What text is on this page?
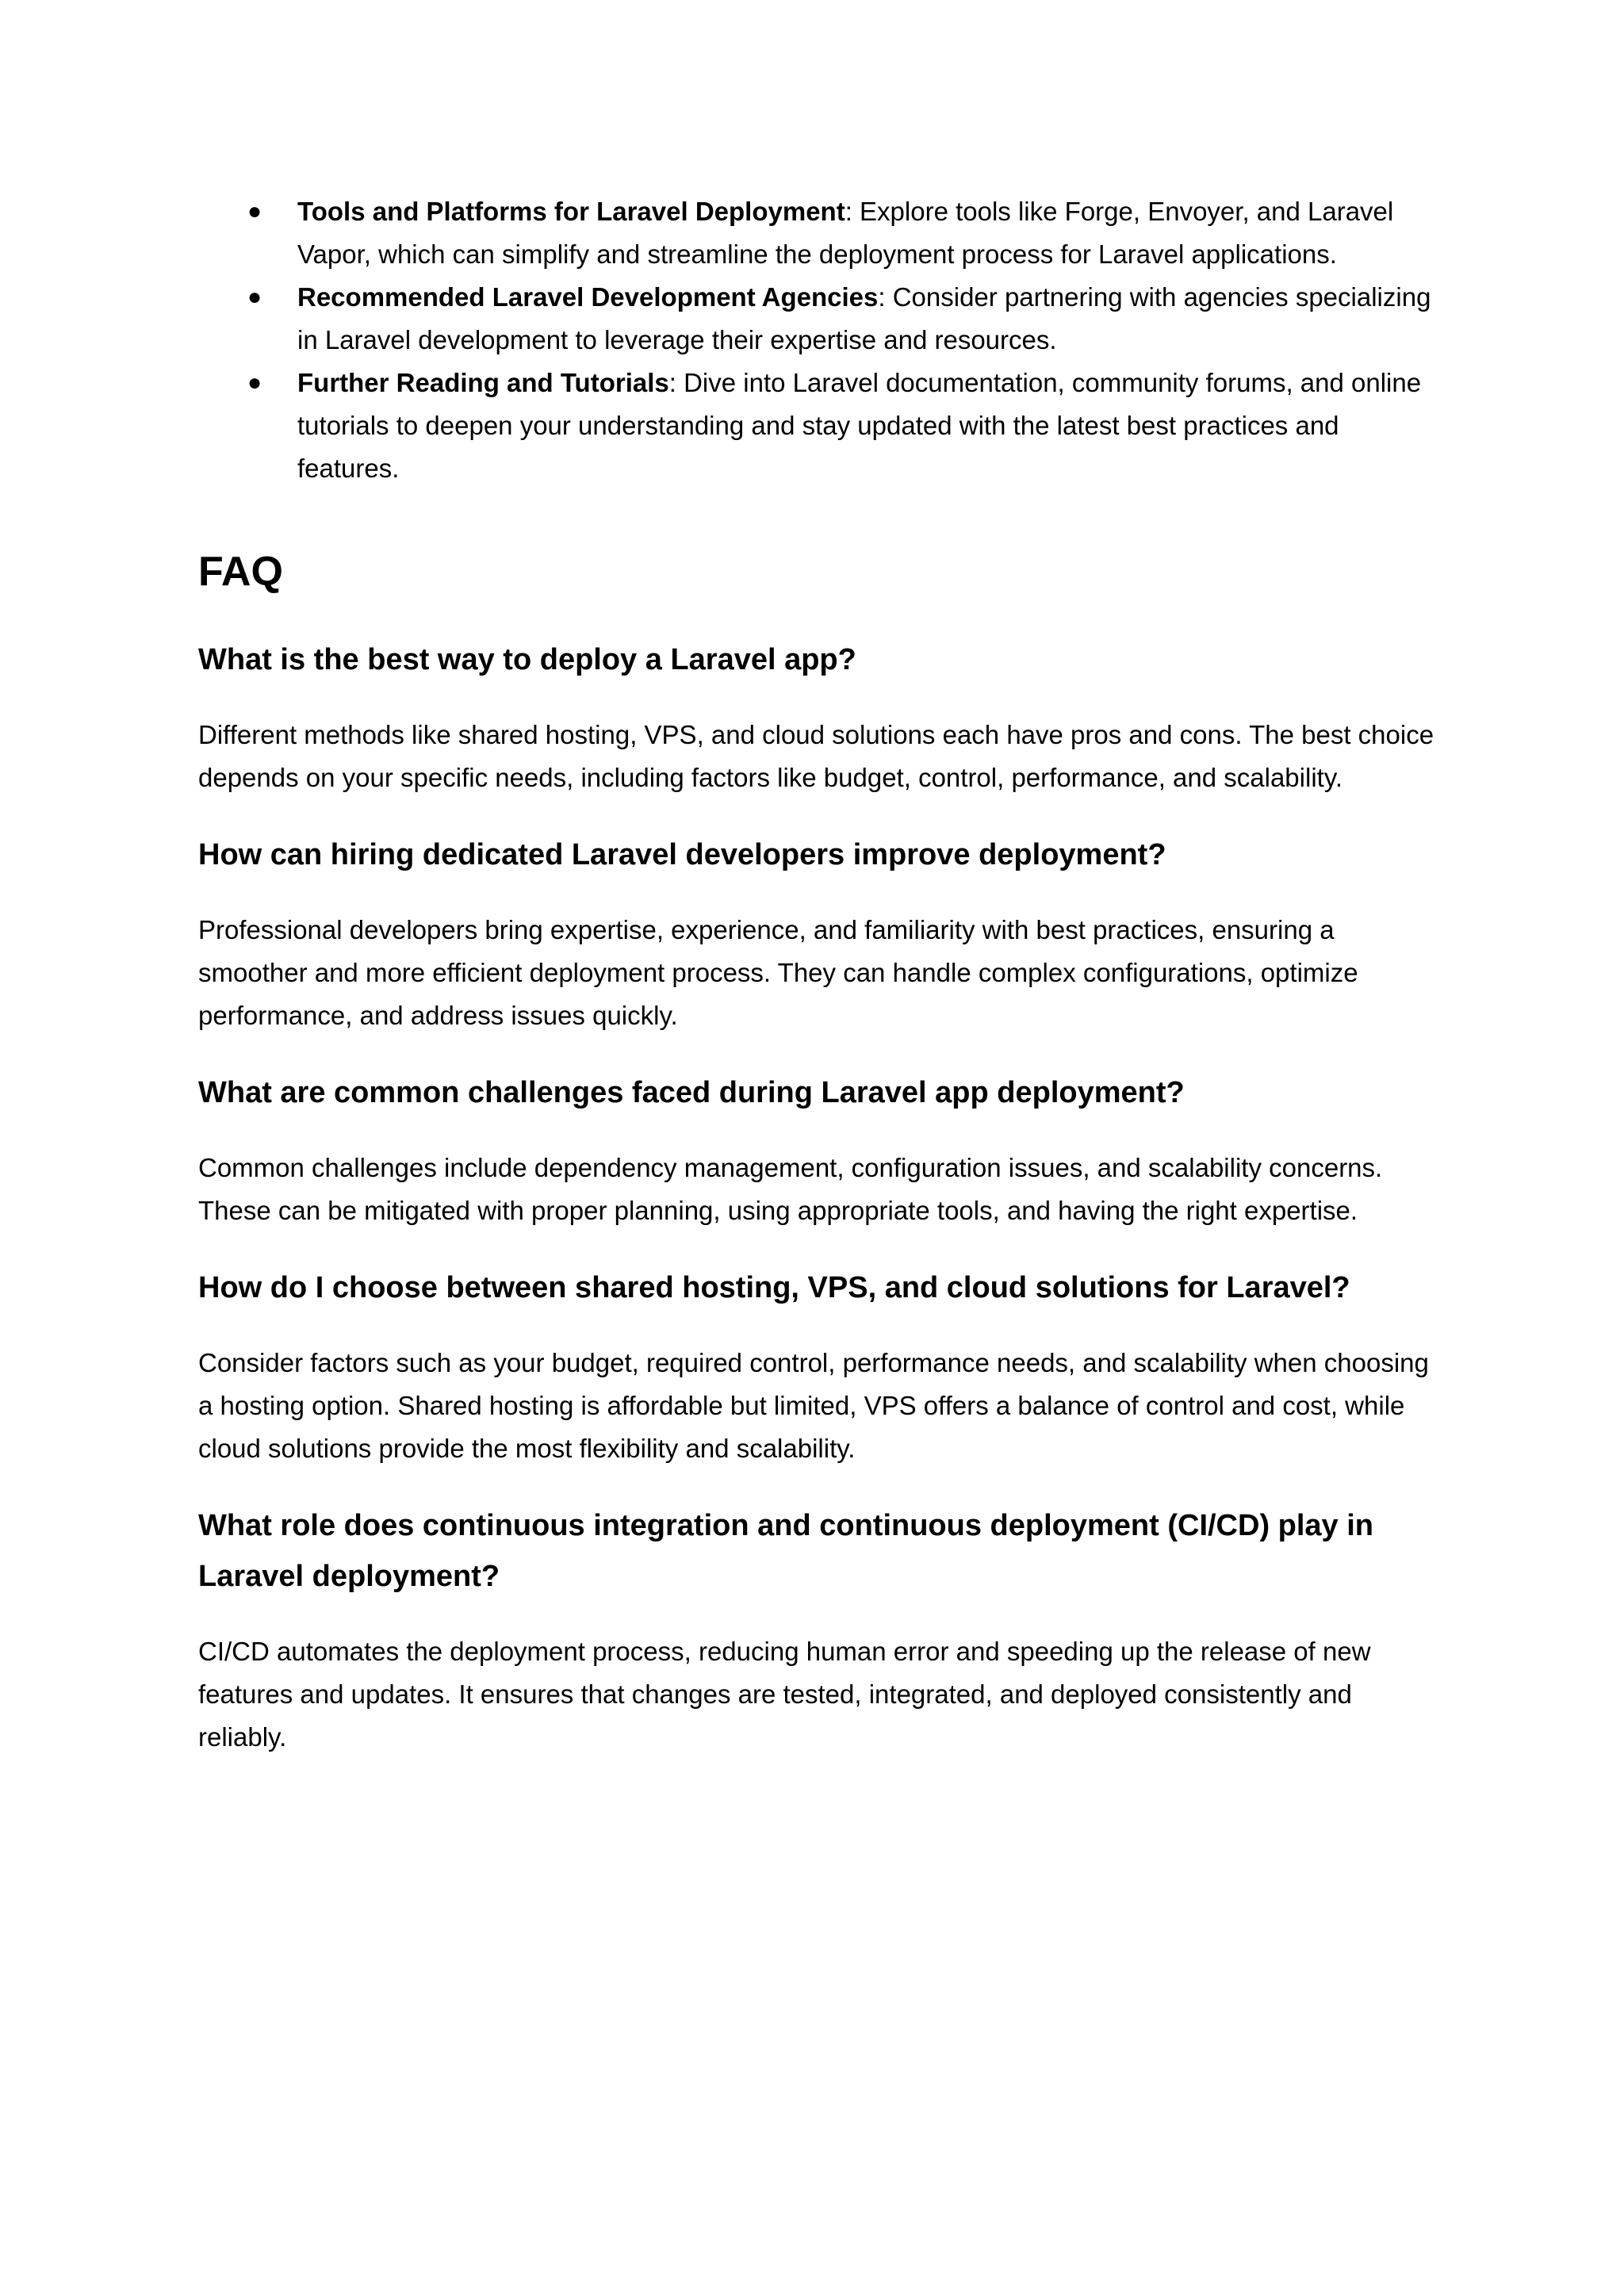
● Tools and Platforms for Laravel Deployment: Explore tools like Forge, Envoyer, and Laravel Vapor, which can simplify and streamline the deployment process for Laravel applications.
● Recommended Laravel Development Agencies: Consider partnering with agencies specializing in Laravel development to leverage their expertise and resources.
● Further Reading and Tutorials: Dive into Laravel documentation, community forums, and online tutorials to deepen your understanding and stay updated with the latest best practices and features.
FAQ
What is the best way to deploy a Laravel app?

Different methods like shared hosting, VPS, and cloud solutions each have pros and cons. The best choice depends on your specific needs, including factors like budget, control, performance, and scalability.

How can hiring dedicated Laravel developers improve deployment?

Professional developers bring expertise, experience, and familiarity with best practices, ensuring a smoother and more efficient deployment process. They can handle complex configurations, optimize performance, and address issues quickly.

What are common challenges faced during Laravel app deployment?

Common challenges include dependency management, configuration issues, and scalability concerns. These can be mitigated with proper planning, using appropriate tools, and having the right expertise.

How do I choose between shared hosting, VPS, and cloud solutions for Laravel?

Consider factors such as your budget, required control, performance needs, and scalability when choosing a hosting option. Shared hosting is affordable but limited, VPS offers a balance of control and cost, while cloud solutions provide the most flexibility and scalability.

What role does continuous integration and continuous deployment (CI/CD) play in Laravel deployment?

CI/CD automates the deployment process, reducing human error and speeding up the release of new features and updates. It ensures that changes are tested, integrated, and deployed consistently and reliably.
